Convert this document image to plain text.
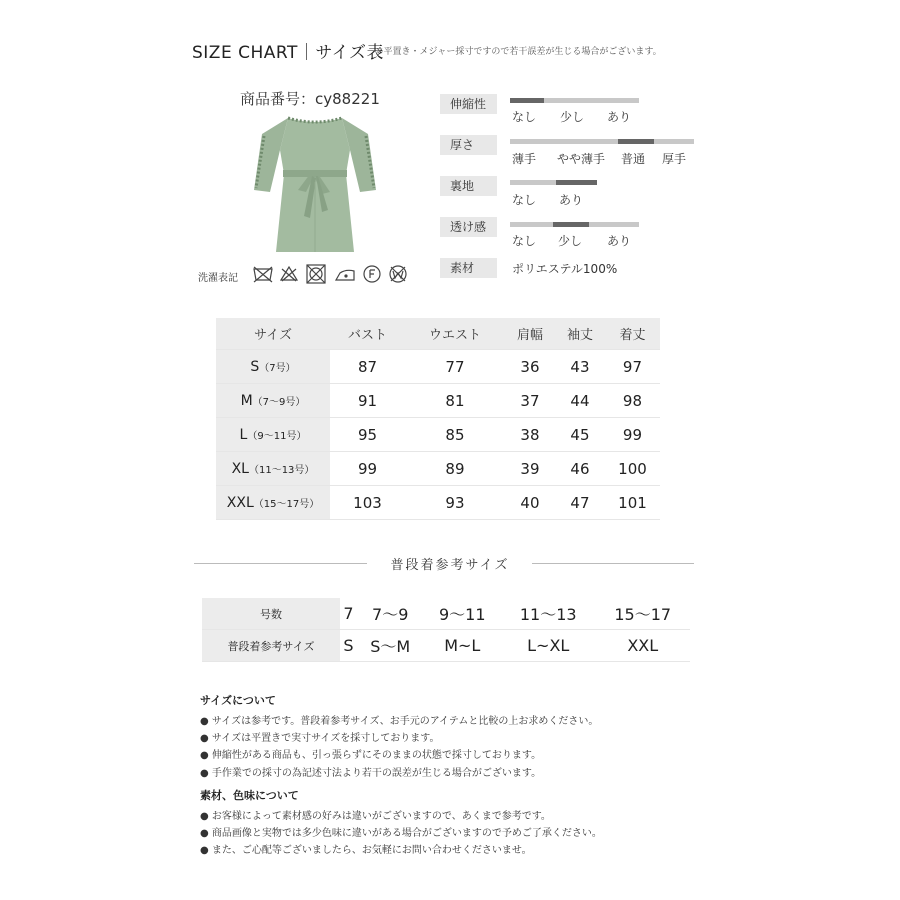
SIZE CHART｜サイズ表
※平置き・メジャー採寸ですので若干誤差が生じる場合がございます。
商品番号：cy88221
洗濯表記
伸縮性
なし 少し あり
厚さ
薄手 やや薄手 普通 厚手
裏地
なし あり
透け感
なし 少し あり
素材	ポリエステル100%
サイズ	バスト	ウエスト	肩幅	袖丈	着丈
S（7号）	87	77	36	43	97
M（7〜9号）	91	81	37	44	98
L（9〜11号）	95	85	38	45	99
XL（11〜13号）	99	89	39	46	100
XXL（15〜17号）	103	93	40	47	101
普段着参考サイズ
号数	7	7〜9	9〜11	11〜13	15〜17
普段着参考サイズ	S	S〜M	M~L	L~XL	XXL
サイズについて
● サイズは参考です。普段着参考サイズ、お手元のアイテムと比較の上お求めください。
● サイズは平置きで実寸サイズを採寸しております。
● 伸縮性がある商品も、引っ張らずにそのままの状態で採寸しております。
● 手作業での採寸の為記述寸法より若干の誤差が生じる場合がございます。
素材、色味について
● お客様によって素材感の好みは違いがございますので、あくまで参考です。
● 商品画像と実物では多少色味に違いがある場合がございますので予めご了承ください。
● また、ご心配等ございましたら、お気軽にお問い合わせくださいませ。
